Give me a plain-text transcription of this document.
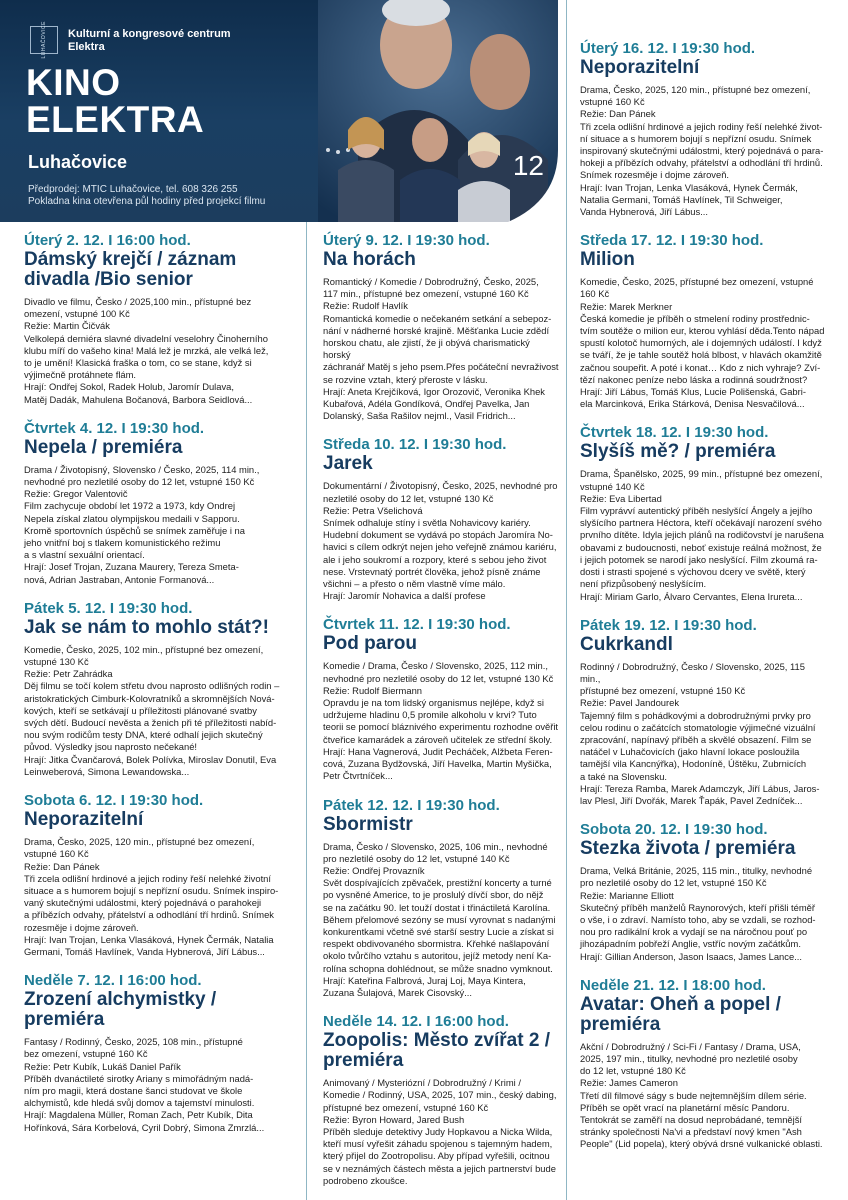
LUHAČOVICE Kulturní a kongresové centrum Elektra
KINO
ELEKTRA
Luhačovice
Předprodej: MTIC Luhačovice, tel. 608 326 255
Pokladna kina otevřena půl hodiny před projekcí filmu
12
Úterý 2. 12. I 16:00 hod.
Dámský krejčí / záznam divadla /Bio senior
Divadlo ve filmu, Česko / 2025,100 min., přístupné bez
omezení, vstupné 100 Kč
Režie: Martin Čičvák
Velkolepá derniéra slavné divadelní veselohry Činoherního
klubu míří do vašeho kina! Malá lež je mrzká, ale velká lež,
to je umění! Klasická fraška o tom, co se stane, když si
výjimečně protáhnete flám.
Hrají: Ondřej Sokol, Radek Holub, Jaromír Dulava,
Matěj Dadák, Mahulena Bočanová, Barbora Seidlová...
Čtvrtek 4. 12. I 19:30 hod.
Nepela / premiéra
Drama / Životopisný, Slovensko / Česko, 2025, 114 min.,
nevhodné pro nezletilé osoby do 12 let, vstupné 150 Kč
Režie: Gregor Valentovič
Film zachycuje období let 1972 a 1973, kdy Ondrej
Nepela získal zlatou olympijskou medaili v Sapporu.
Kromě sportovních úspěchů se snímek zaměřuje i na
jeho vnitřní boj s tlakem komunistického režimu
a s vlastní sexuální orientací.
Hrají: Josef Trojan, Zuzana Maurery, Tereza Smeta-
nová, Adrian Jastraban, Antonie Formanová...
Pátek 5. 12. I 19:30 hod.
Jak se nám to mohlo stát?!
Komedie, Česko, 2025, 102 min., přístupné bez omezení,
vstupné 130 Kč
Režie: Petr Zahrádka
Děj filmu se točí kolem střetu dvou naprosto odlišných rodin –
aristokratických Cimburk-Kolovratníků a skromnějších Nová-
kových, kteří se setkávají u příležitosti plánované svatby
svých dětí. Budoucí nevěsta a ženich při té příležitosti nabíd-
nou svým rodičům testy DNA, které odhalí jejich skutečný
původ. Výsledky jsou naprosto nečekané!
Hrají: Jitka Čvančarová, Bolek Polívka, Miroslav Donutil, Eva
Leinweberová, Simona Lewandowska...
Sobota 6. 12. I 19:30 hod.
Neporazitelní
Drama, Česko, 2025, 120 min., přístupné bez omezení,
vstupné 160 Kč
Režie: Dan Pánek
Tři zcela odlišní hrdinové a jejich rodiny řeší nelehké životní
situace a s humorem bojují s nepřízní osudu. Snímek inspiro-
vaný skutečnými událostmi, který pojednává o parahokeji
a příbězích odvahy, přátelství a odhodlání tří hrdinů. Snímek
rozesměje i dojme zároveň.
Hrají: Ivan Trojan, Lenka Vlasáková, Hynek Čermák, Natalia
Germani, Tomáš Havlínek, Vanda Hybnerová, Jiří Lábus...
Neděle 7. 12. I 16:00 hod.
Zrození alchymistky / premiéra
Fantasy / Rodinný, Česko, 2025, 108 min., přístupné
bez omezení, vstupné 160 Kč
Režie: Petr Kubík, Lukáš Daniel Pařík
Příběh dvanáctileté sirotky Ariany s mimořádným nadá-
ním pro magii, která dostane šanci studovat ve škole
alchymistů, kde hledá svůj domov a tajemství minulosti.
Hrají: Magdalena Müller, Roman Zach, Petr Kubík, Dita
Hořínková, Sára Korbelová, Cyril Dobrý, Simona Zmrzlá...
Úterý 9. 12. I 19:30 hod.
Na horách
Romantický / Komedie / Dobrodružný, Česko, 2025,
117 min., přístupné bez omezení, vstupné 160 Kč
Režie: Rudolf Havlík
Romantická komedie o nečekaném setkání a sebepoz-
nání v nádherné horské krajině. Měšťanka Lucie zdědí
horskou chatu, ale zjistí, že ji obývá charismatický horský
záchranář Matěj s jeho psem.Přes počáteční nevraživost
se rozvine vztah, který přeroste v lásku.
Hrají: Aneta Krejčíková, Igor Orozovič, Veronika Khek
Kubařová, Adéla Gondíková, Ondřej Pavelka, Jan
Dolanský, Saša Rašilov nejml., Vasil Fridrich...
Středa 10. 12. I 19:30 hod.
Jarek
Dokumentární / Životopisný, Česko, 2025, nevhodné pro
nezletilé osoby do 12 let, vstupné 130 Kč
Režie: Petra Všelichová
Snímek odhaluje stíny i světla Nohavicovy kariéry.
Hudební dokument se vydává po stopách Jaromíra No-
havici s cílem odkrýt nejen jeho veřejně známou kariéru,
ale i jeho soukromí a rozpory, které s sebou jeho život
nese. Vrstevnatý portrét člověka, jehož písně známe
všichni – a přesto o něm vlastně víme málo.
Hrají: Jaromír Nohavica a další profese
Čtvrtek 11. 12. I 19:30 hod.
Pod parou
Komedie / Drama, Česko / Slovensko, 2025, 112 min.,
nevhodné pro nezletilé osoby do 12 let, vstupné 130 Kč
Režie: Rudolf Biermann
Opravdu je na tom lidský organismus nejlépe, když si
udržujeme hladinu 0,5 promile alkoholu v krvi? Tuto
teorii se pomocí bláznivého experimentu rozhodne ověřit
čtveřice kamarádek a zároveň učitelek ze střední školy.
Hrají: Hana Vagnerová, Judit Pecháček, Alžbeta Feren-
cová, Zuzana Bydžovská, Jiří Havelka, Martin Myšička,
Petr Čtvrtníček...
Pátek 12. 12. I 19:30 hod.
Sbormistr
Drama, Česko / Slovensko, 2025, 106 min., nevhodné
pro nezletilé osoby do 12 let, vstupné 140 Kč
Režie: Ondřej Provazník
Svět dospívajících zpěvaček, prestižní koncerty a turné
po vysněné Americe, to je proslulý dívčí sbor, do nějž
se na začátku 90. let touží dostat i třináctiletá Karolína.
Během přelomové sezóny se musí vyrovnat s nadanými
konkurentkami včetně své starší sestry Lucie a získat si
respekt obdivovaného sbormistra. Křehké našlapování
okolo tvůrčího vztahu s autoritou, jejíž metody není Ka-
rolína schopna dohlédnout, se může snadno vymknout.
Hrají: Kateřina Falbrová, Juraj Loj, Maya Kintera,
Zuzana Šulajová, Marek Cisovský...
Neděle 14. 12. I 16:00 hod.
Zoopolis: Město zvířat 2 / premiéra
Animovaný / Mysteriózní / Dobrodružný / Krimi /
Komedie / Rodinný, USA, 2025, 107 min., český dabing,
přístupné bez omezení, vstupné 160 Kč
Režie: Byron Howard, Jared Bush
Příběh sleduje detektivy Judy Hopkavou a Nicka Wilda,
kteří musí vyřešit záhadu spojenou s tajemným hadem,
který přijel do Zootropolisu. Aby případ vyřešili, ocitnou
se v neznámých částech města a jejich partnerství bude
podrobeno zkoušce.
Úterý 16. 12. I 19:30 hod.
Neporazitelní
Drama, Česko, 2025, 120 min., přístupné bez omezení,
vstupné 160 Kč
Režie: Dan Pánek
Tři zcela odlišní hrdinové a jejich rodiny řeší nelehké život-
ní situace a s humorem bojují s nepřízní osudu. Snímek
inspirovaný skutečnými událostmi, který pojednává o para-
hokeji a příbězích odvahy, přátelství a odhodlání tří hrdinů.
Snímek rozesměje i dojme zároveň.
Hrají: Ivan Trojan, Lenka Vlasáková, Hynek Čermák,
Natalia Germani, Tomáš Havlínek, Til Schweiger,
Vanda Hybnerová, Jiří Lábus...
Středa 17. 12. I 19:30 hod.
Milion
Komedie, Česko, 2025, přístupné bez omezení, vstupné
160 Kč
Režie: Marek Merkner
Česká komedie je příběh o stmelení rodiny prostřednic-
tvím soutěže o milion eur, kterou vyhlásí děda.Tento nápad
spustí kolotoč humorných, ale i dojemných událostí. I když
se tváří, že je tahle soutěž holá blbost, v hlavách okamžitě
začnou soupeřit. A poté i konat… Kdo z nich vyhraje? Zví-
tězí nakonec peníze nebo láska a rodinná soudržnost?
Hrají: Jiří Lábus, Tomáš Klus, Lucie Polišenská, Gabri-
ela Marcinková, Erika Stárková, Denisa Nesvačilová...
Čtvrtek 18. 12. I 19:30 hod.
Slyšíš mě? / premiéra
Drama, Španělsko, 2025, 99 min., přístupné bez omezení,
vstupné 140 Kč
Režie: Eva Libertad
Film vyprávví autentický příběh neslyšící Ángely a jejího
slyšícího partnera Héctora, kteří očekávají narození svého
prvního dítěte. Idyla jejich plánů na rodičovství je narušena
obavami z budoucnosti, neboť existuje reálná možnost, že
i jejich potomek se narodí jako neslyšící. Film zkoumá ra-
dosti i strasti spojené s výchovou dcery ve světě, který
není přizpůsobený neslyšícím.
Hrají: Miriam Garlo, Álvaro Cervantes, Elena Irureta...
Pátek 19. 12. I 19:30 hod.
Cukrkandl
Rodinný / Dobrodružný, Česko / Slovensko, 2025, 115 min.,
přístupné bez omezení, vstupné 150 Kč
Režie: Pavel Jandourek
Tajemný film s pohádkovými a dobrodružnými prvky pro
celou rodinu o začátcích stomatologie výjimečné vizuální
zpracování, napínavý příběh a skvělé obsazení. Film se
natáčel v Luhačovicích (jako hlavní lokace posloužila
tamější vila Kancnýřka), Hodoníně, Úštěku, Zubrnicích
a také na Slovensku.
Hrají: Tereza Ramba, Marek Adamczyk, Jiří Lábus, Jaros-
lav Plesl, Jiří Dvořák, Marek Ťapák, Pavel Zedníček...
Sobota 20. 12. I 19:30 hod.
Stezka života / premiéra
Drama, Velká Británie, 2025, 115 min., titulky, nevhodné
pro nezletilé osoby do 12 let, vstupné 150 Kč
Režie: Marianne Elliott
Skutečný příběh manželů Raynorových, kteří přišli téměř
o vše, i o zdraví. Namísto toho, aby se vzdali, se rozhod-
nou pro radikální krok a vydají se na náročnou pouť po
jihozápadním pobřeží Anglie, vstříc novým začátkům.
Hrají: Gillian Anderson, Jason Isaacs, James Lance...
Neděle 21. 12. I 18:00 hod.
Avatar: Oheň a popel / premiéra
Akční / Dobrodružný / Sci-Fi / Fantasy / Drama, USA,
2025, 197 min., titulky, nevhodné pro nezletilé osoby
do 12 let, vstupné 180 Kč
Režie: James Cameron
Třetí díl filmové ságy s bude nejtemnějším dílem série.
Příběh se opět vrací na planetární měsíc Pandoru.
Tentokrát se zaměří na dosud neprobádané, temnější
stránky společnosti Na'vi a představí nový kmen "Ash
People" (Lid popela), který obývá drsné vulkanické oblasti.
